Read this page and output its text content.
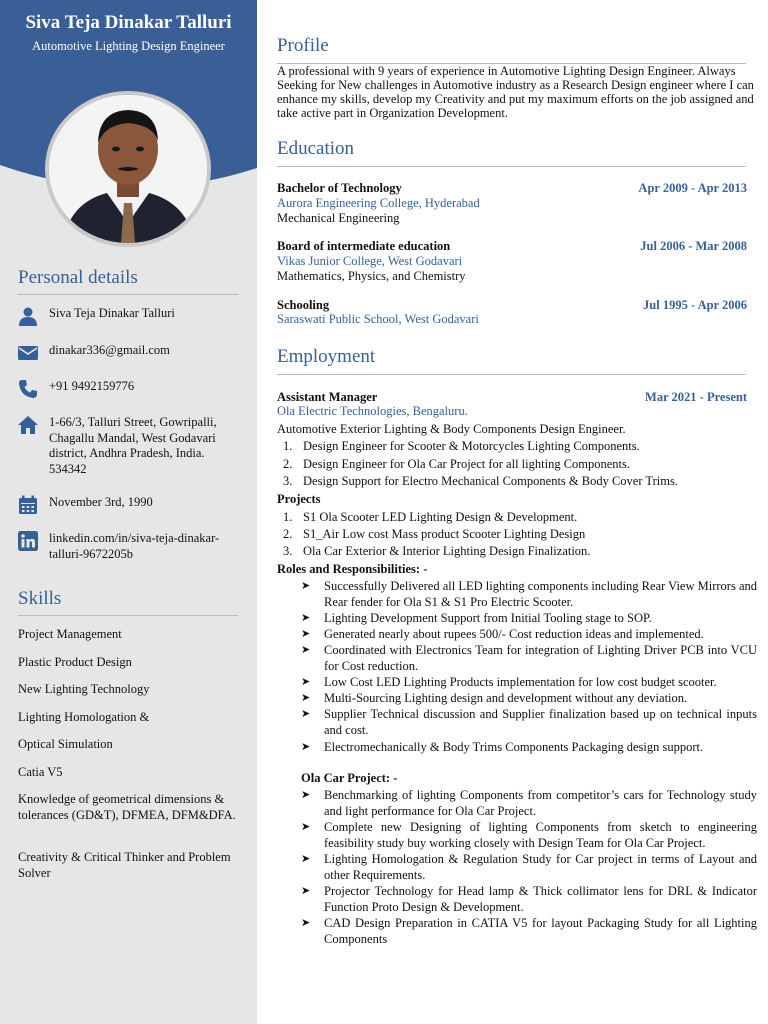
Siva Teja Dinakar Talluri
Automotive Lighting Design Engineer
Personal details
Siva Teja Dinakar Talluri
dinakar336@gmail.com
+91 9492159776
1-66/3, Talluri Street, Gowripalli, Chagallu Mandal, West Godavari district, Andhra Pradesh, India. 534342
November 3rd, 1990
linkedin.com/in/siva-teja-dinakar-talluri-9672205b
Skills
Project Management
Plastic Product Design
New Lighting Technology
Lighting Homologation &
Optical Simulation
Catia V5
Knowledge of geometrical dimensions & tolerances (GD&T), DFMEA, DFM&DFA.
Creativity & Critical Thinker and Problem Solver
Profile
A professional with 9 years of experience in Automotive Lighting Design Engineer. Always Seeking for New challenges in Automotive industry as a Research Design engineer where I can enhance my skills, develop my Creativity and put my maximum efforts on the job assigned and take active part in Organization Development.
Education
Bachelor of Technology	Apr 2009 - Apr 2013
Aurora Engineering College, Hyderabad
Mechanical Engineering
Board of intermediate education	Jul 2006 - Mar 2008
Vikas Junior College, West Godavari
Mathematics, Physics, and Chemistry
Schooling	Jul 1995 - Apr 2006
Saraswati Public School, West Godavari
Employment
Assistant Manager	Mar 2021 - Present
Ola Electric Technologies, Bengaluru.
Automotive Exterior Lighting & Body Components Design Engineer.
1. Design Engineer for Scooter & Motorcycles Lighting Components.
2. Design Engineer for Ola Car Project for all lighting Components.
3. Design Support for Electro Mechanical Components & Body Cover Trims.
Projects
1. S1 Ola Scooter LED Lighting Design & Development.
2. S1_Air Low cost Mass product Scooter Lighting Design
3. Ola Car Exterior & Interior Lighting Design Finalization.
Roles and Responsibilities: -
➤ Successfully Delivered all LED lighting components including Rear View Mirrors and Rear fender for Ola S1 & S1 Pro Electric Scooter.
➤ Lighting Development Support from Initial Tooling stage to SOP.
➤ Generated nearly about rupees 500/- Cost reduction ideas and implemented.
➤ Coordinated with Electronics Team for integration of Lighting Driver PCB into VCU for Cost reduction.
➤ Low Cost LED Lighting Products implementation for low cost budget scooter.
➤ Multi-Sourcing Lighting design and development without any deviation.
➤ Supplier Technical discussion and Supplier finalization based up on technical inputs and cost.
➤ Electromechanically & Body Trims Components Packaging design support.
Ola Car Project: -
➤ Benchmarking of lighting Components from competitor’s cars for Technology study and light performance for Ola Car Project.
➤ Complete new Designing of lighting Components from sketch to engineering feasibility study buy working closely with Design Team for Ola Car Project.
➤ Lighting Homologation & Regulation Study for Car project in terms of Layout and other Requirements.
➤ Projector Technology for Head lamp & Thick collimator lens for DRL & Indicator Function Proto Design & Development.
➤ CAD Design Preparation in CATIA V5 for layout Packaging Study for all Lighting Components
